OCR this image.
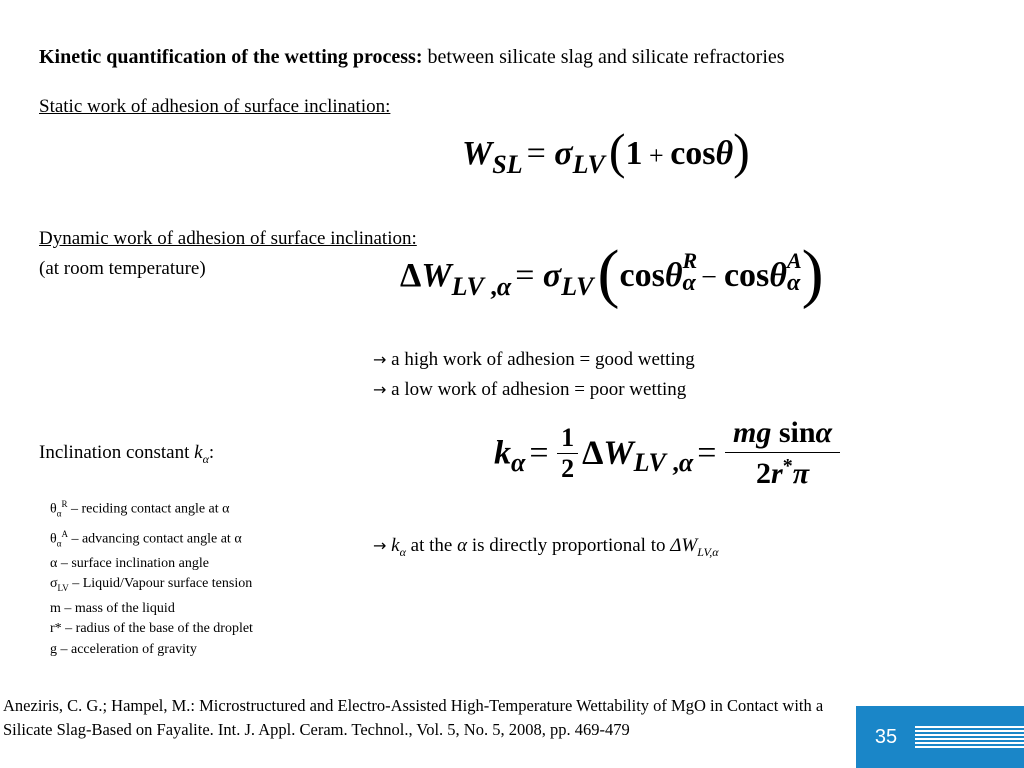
Kinetic quantification of the wetting process: between silicate slag and silicate refractories
Static work of adhesion of surface inclination:
WSL = σLV (1 + cosθ)
Dynamic work of adhesion of surface inclination:
(at room temperature)	ΔWLV ,α = σLV (cosθ R
α − cosθ A
α )
→ a high work of adhesion = good wetting
→ a low work of adhesion = poor wetting
Inclination constant $k_\alpha$:	$k\alpha = \frac{1}{2}$ ΔWLV $,\alpha = \frac{\text{mg sinα}}{2r^*\pi}$
→ $k_\alpha$ at the α is directly proportional to $\Delta W_{LV,\alpha}$
$\theta_\alpha^R$ – reciding contact angle at α
$\theta_\alpha^A$ – advancing contact angle at α
α – surface inclination angle
$\sigma_{LV}$ – Liquid/Vapour surface tension
m – mass of the liquid
r* – radius of the base of the droplet
g – acceleration of gravity
Aneziris, C. G.; Hampel, M.: Microstructured and Electro-Assisted High-Temperature Wettability of MgO in Contact with a Silicate Slag-Based on Fayalite. Int. J. Appl. Ceram. Technol., Vol. 5, No. 5, 2008, pp. 469-479	35
